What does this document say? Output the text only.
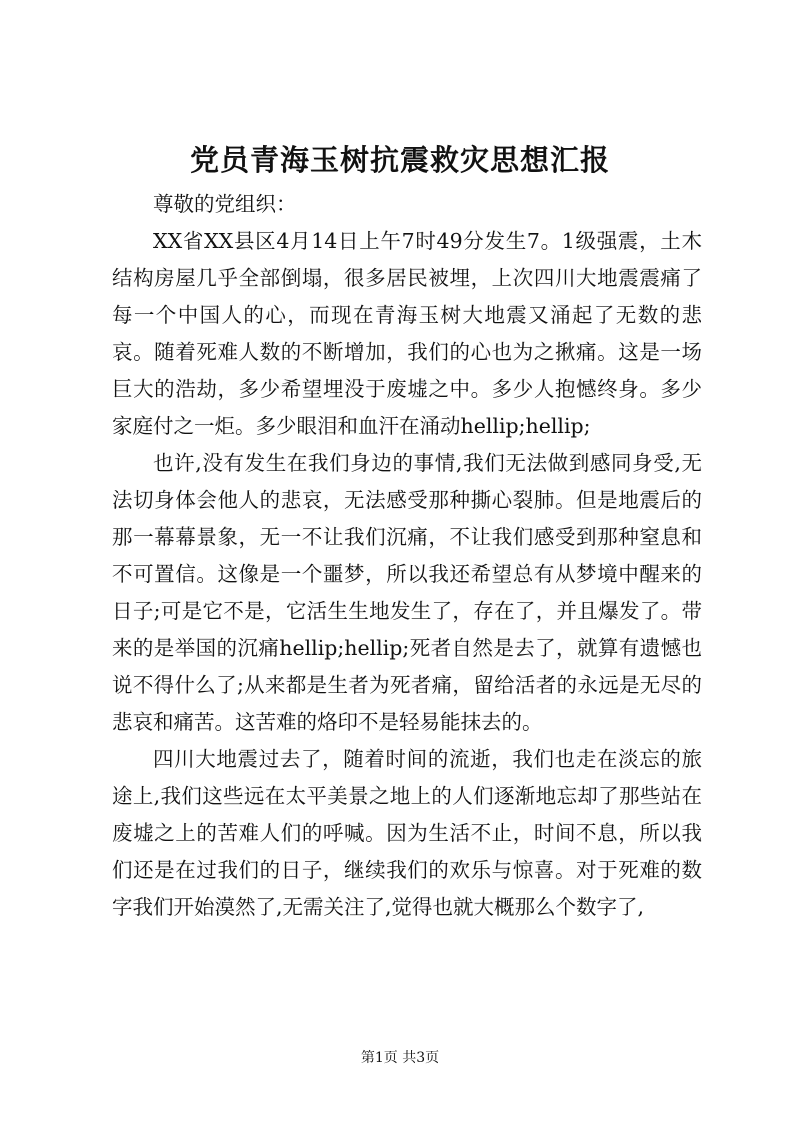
党员青海玉树抗震救灾思想汇报

尊敬的党组织：

XX省XX县区4月14日上午7时49分发生7。1级强震，土木结构房屋几乎全部倒塌，很多居民被埋，上次四川大地震震痛了每一个中国人的心，而现在青海玉树大地震又涌起了无数的悲哀。随着死难人数的不断增加，我们的心也为之揪痛。这是一场巨大的浩劫，多少希望埋没于废墟之中。多少人抱憾终身。多少家庭付之一炬。多少眼泪和血汗在涌动hellip;hellip;

也许,没有发生在我们身边的事情,我们无法做到感同身受,无法切身体会他人的悲哀，无法感受那种撕心裂肺。但是地震后的那一幕幕景象，无一不让我们沉痛，不让我们感受到那种窒息和不可置信。这像是一个噩梦，所以我还希望总有从梦境中醒来的日子;可是它不是，它活生生地发生了，存在了，并且爆发了。带来的是举国的沉痛hellip;hellip;死者自然是去了，就算有遗憾也说不得什么了;从来都是生者为死者痛，留给活者的永远是无尽的悲哀和痛苦。这苦难的烙印不是轻易能抹去的。

四川大地震过去了，随着时间的流逝，我们也走在淡忘的旅途上,我们这些远在太平美景之地上的人们逐渐地忘却了那些站在废墟之上的苦难人们的呼喊。因为生活不止，时间不息，所以我们还是在过我们的日子，继续我们的欢乐与惊喜。对于死难的数字我们开始漠然了,无需关注了,觉得也就大概那么个数字了,

第1页 共3页
